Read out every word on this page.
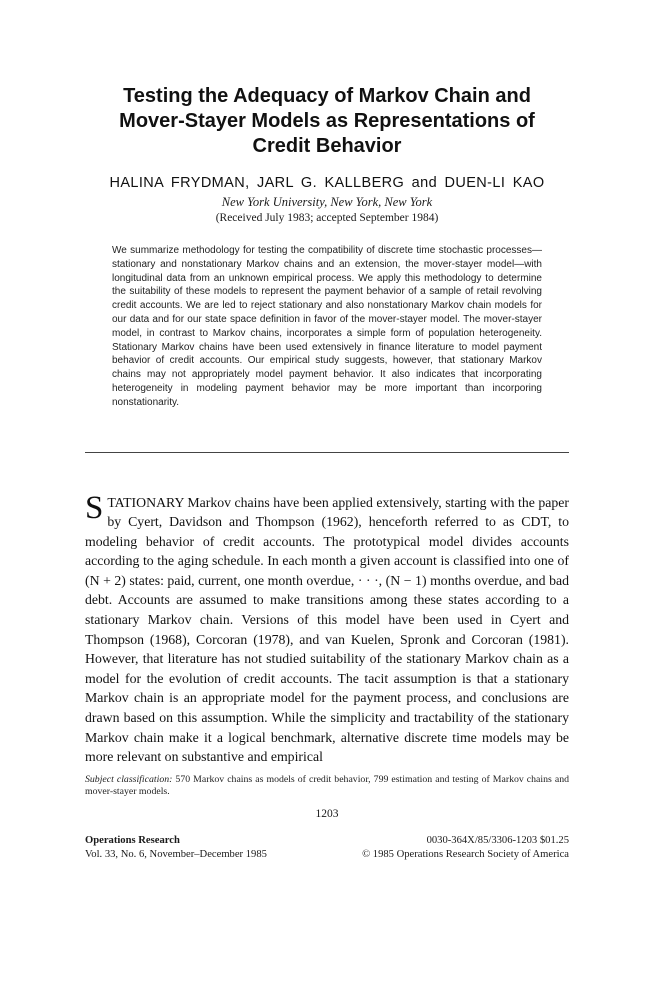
Testing the Adequacy of Markov Chain and
Mover-Stayer Models as Representations of
Credit Behavior
HALINA FRYDMAN, JARL G. KALLBERG and DUEN-LI KAO
New York University, New York, New York
(Received July 1983; accepted September 1984)

We summarize methodology for testing the compatibility of discrete time stochastic processes—stationary and nonstationary Markov chains and an extension, the mover-stayer model—with longitudinal data from an unknown empirical process. We apply this methodology to determine the suitability of these models to represent the payment behavior of a sample of retail revolving credit accounts. We are led to reject stationary and also nonstationary Markov chain models for our data and for our state space definition in favor of the mover-stayer model. The mover-stayer model, in contrast to Markov chains, incorporates a simple form of population heterogeneity. Stationary Markov chains have been used extensively in finance literature to model payment behavior of credit accounts. Our empirical study suggests, however, that stationary Markov chains may not appropriately model payment behavior. It also indicates that incorporating heterogeneity in modeling payment behavior may be more important than incorporing nonstationarity.

STATIONARY Markov chains have been applied extensively, starting with the paper by Cyert, Davidson and Thompson (1962), henceforth referred to as CDT, to modeling behavior of credit accounts. The prototypical model divides accounts according to the aging schedule. In each month a given account is classified into one of (N + 2) states: paid, current, one month overdue, · · ·, (N − 1) months overdue, and bad debt. Accounts are assumed to make transitions among these states according to a stationary Markov chain. Versions of this model have been used in Cyert and Thompson (1968), Corcoran (1978), and van Kuelen, Spronk and Corcoran (1981). However, that literature has not studied suitability of the stationary Markov chain as a model for the evolution of credit accounts. The tacit assumption is that a stationary Markov chain is an appropriate model for the payment process, and conclusions are drawn based on this assumption. While the simplicity and tractability of the stationary Markov chain make it a logical benchmark, alternative discrete time models may be more relevant on substantive and empirical

Subject classification: 570 Markov chains as models of credit behavior, 799 estimation and testing of Markov chains and mover-stayer models.

1203
Operations Research
Vol. 33, No. 6, November–December 1985
0030-364X/85/3306-1203 $01.25
© 1985 Operations Research Society of America
